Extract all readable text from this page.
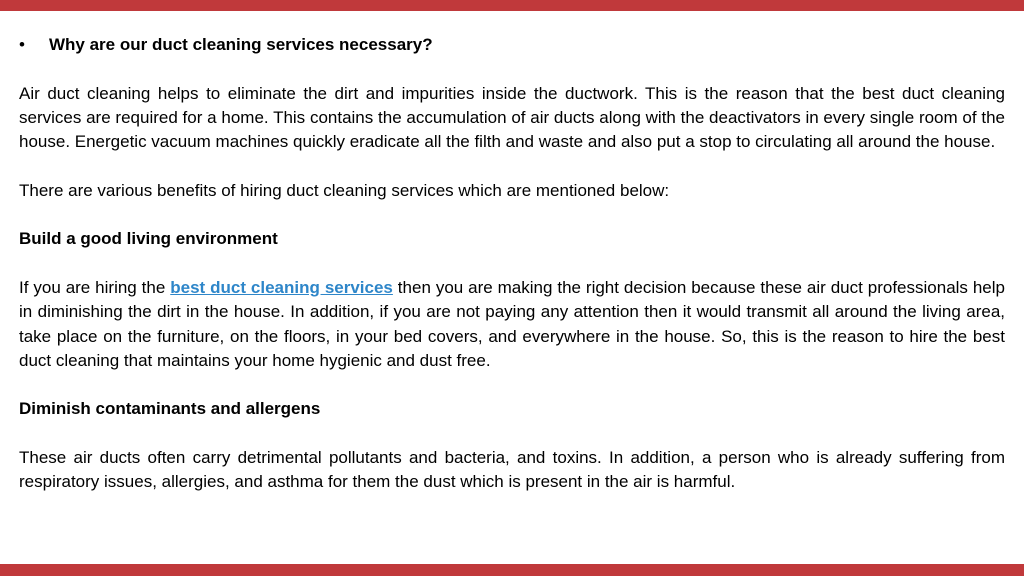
•	Why are our duct cleaning services necessary?

Air duct cleaning helps to eliminate the dirt and impurities inside the ductwork. This is the reason that the best duct cleaning services are required for a home. This contains the accumulation of air ducts along with the deactivators in every single room of the house. Energetic vacuum machines quickly eradicate all the filth and waste and also put a stop to circulating all around the house.

There are various benefits of hiring duct cleaning services which are mentioned below:

Build a good living environment

If you are hiring the best duct cleaning services then you are making the right decision because these air duct professionals help in diminishing the dirt in the house. In addition, if you are not paying any attention then it would transmit all around the living area, take place on the furniture, on the floors, in your bed covers, and everywhere in the house. So, this is the reason to hire the best duct cleaning that maintains your home hygienic and dust free.

Diminish contaminants and allergens

These air ducts often carry detrimental pollutants and bacteria, and toxins. In addition, a person who is already suffering from respiratory issues, allergies, and asthma for them the dust which is present in the air is harmful.
